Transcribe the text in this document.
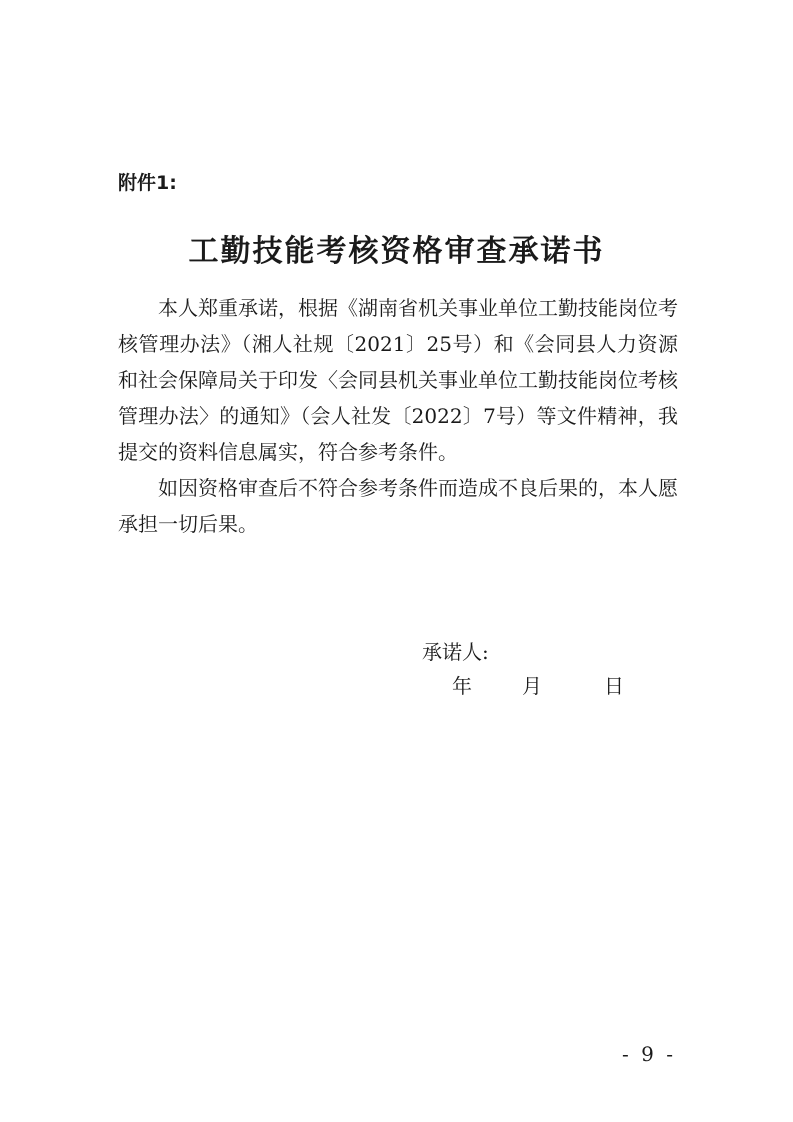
附件1:
工勤技能考核资格审查承诺书

本人郑重承诺，根据《湖南省机关事业单位工勤技能岗位考核管理办法》（湘人社规〔2021〕25号）和《会同县人力资源和社会保障局关于印发〈会同县机关事业单位工勤技能岗位考核管理办法〉的通知》（会人社发〔2022〕7号）等文件精神，我提交的资料信息属实，符合参考条件。

如因资格审查后不符合参考条件而造成不良后果的，本人愿承担一切后果。

承诺人:
年	月	日
- 9 -
